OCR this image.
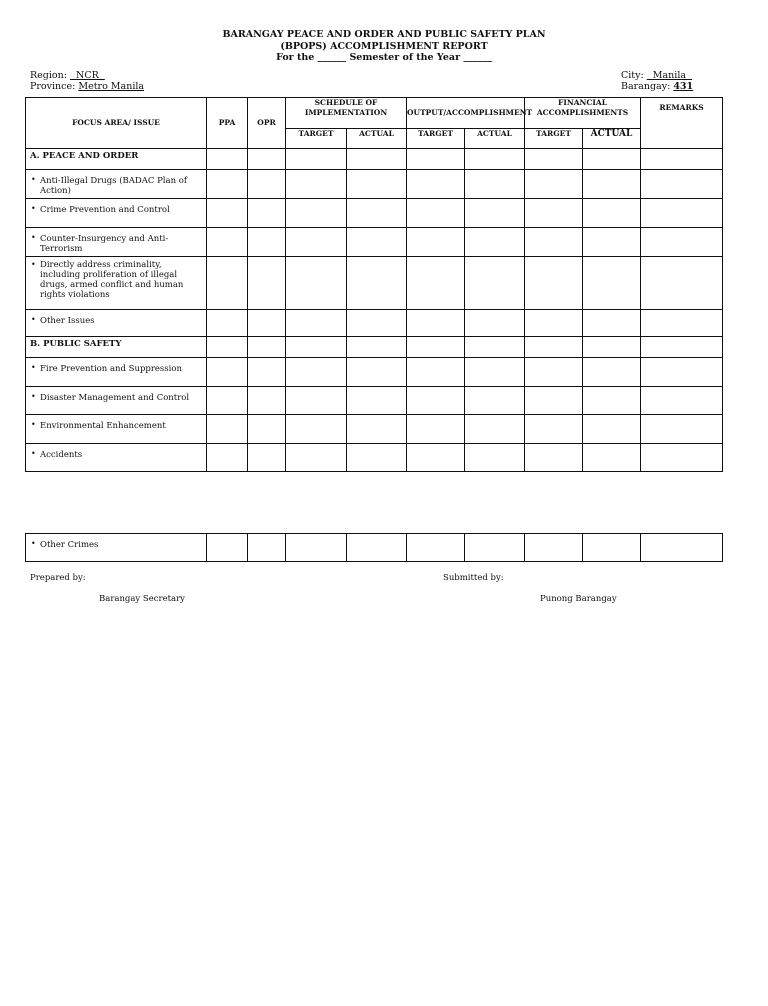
BARANGAY PEACE AND ORDER AND PUBLIC SAFETY PLAN
(BPOPS) ACCOMPLISHMENT REPORT
For the ______ Semester of the Year ______
Region:   NCR
Province: Metro Manila
City:   Manila
Barangay: 431
FOCUS AREA/ ISSUE	PPA	OPR	SCHEDULE OF IMPLEMENTATION		OUTPUT/ACCOMPLISHMENT		FINANCIAL ACCOMPLISHMENTS		REMARKS
			TARGET	ACTUAL	TARGET	ACTUAL	TARGET	ACTUAL	
A. PEACE AND ORDER									

• Anti-Illegal Drugs (BADAC Plan of Action)									

• Crime Prevention and Control									

• Counter-Insurgency and Anti-Terrorism									

• Directly address criminality, including proliferation of illegal drugs, armed conflict and human rights violations									

• Other Issues									
B. PUBLIC SAFETY									

• Fire Prevention and Suppression									

• Disaster Management and Control									

• Environmental Enhancement									

• Accidents									
• Other Crimes									
Prepared by:	Submitted by:
Barangay Secretary	Punong Barangay
